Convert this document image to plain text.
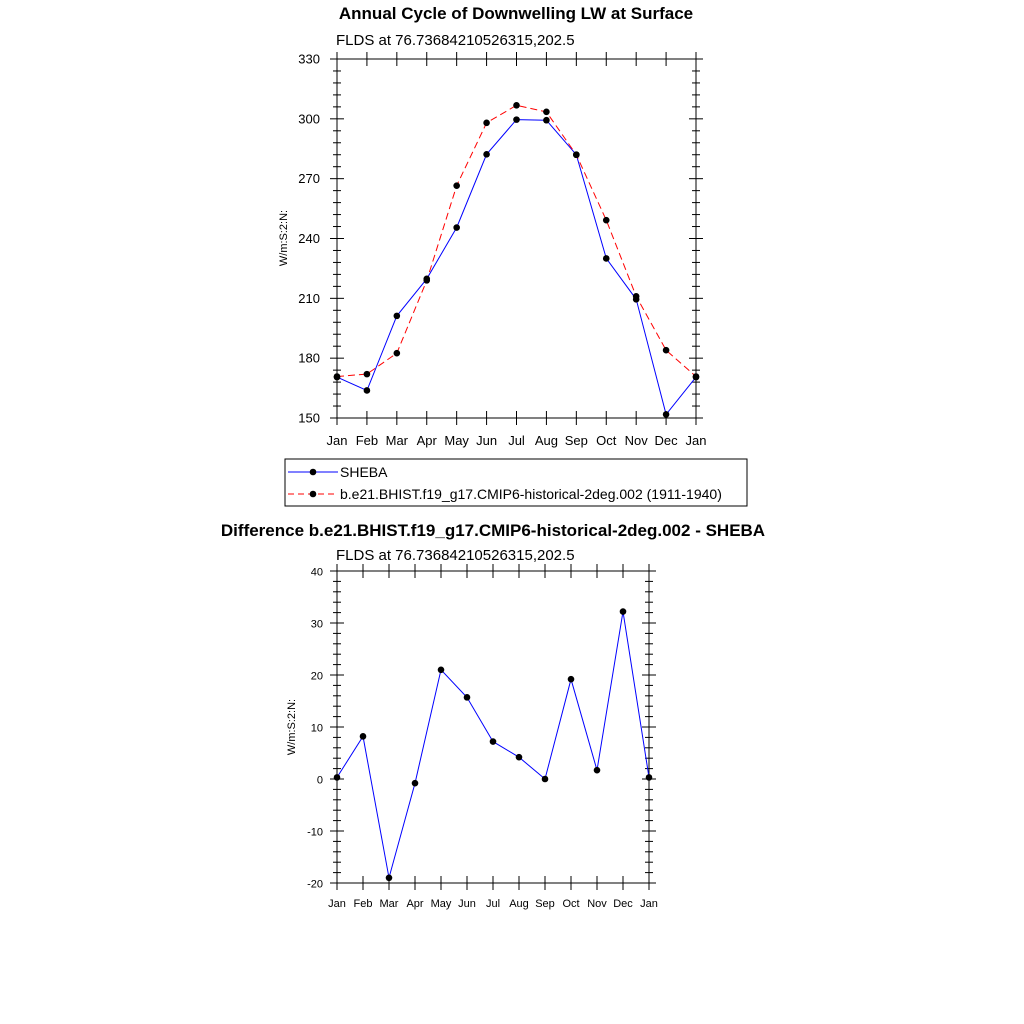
Annual Cycle of Downwelling LW at Surface
FLDS at 76.73684210526315,202.5
W/m:S:2:N:
150
180
210
240
270
300
330
Jan Feb Mar Apr May Jun Jul Aug Sep Oct Nov Dec Jan
SHEBA
b.e21.BHIST.f19_g17.CMIP6-historical-2deg.002 (1911-1940)
Difference b.e21.BHIST.f19_g17.CMIP6-historical-2deg.002 - SHEBA
FLDS at 76.73684210526315,202.5
W/m:S:2:N:
-20
-10
0
10
20
30
40
Jan Feb Mar Apr May Jun Jul Aug Sep Oct Nov Dec Jan
